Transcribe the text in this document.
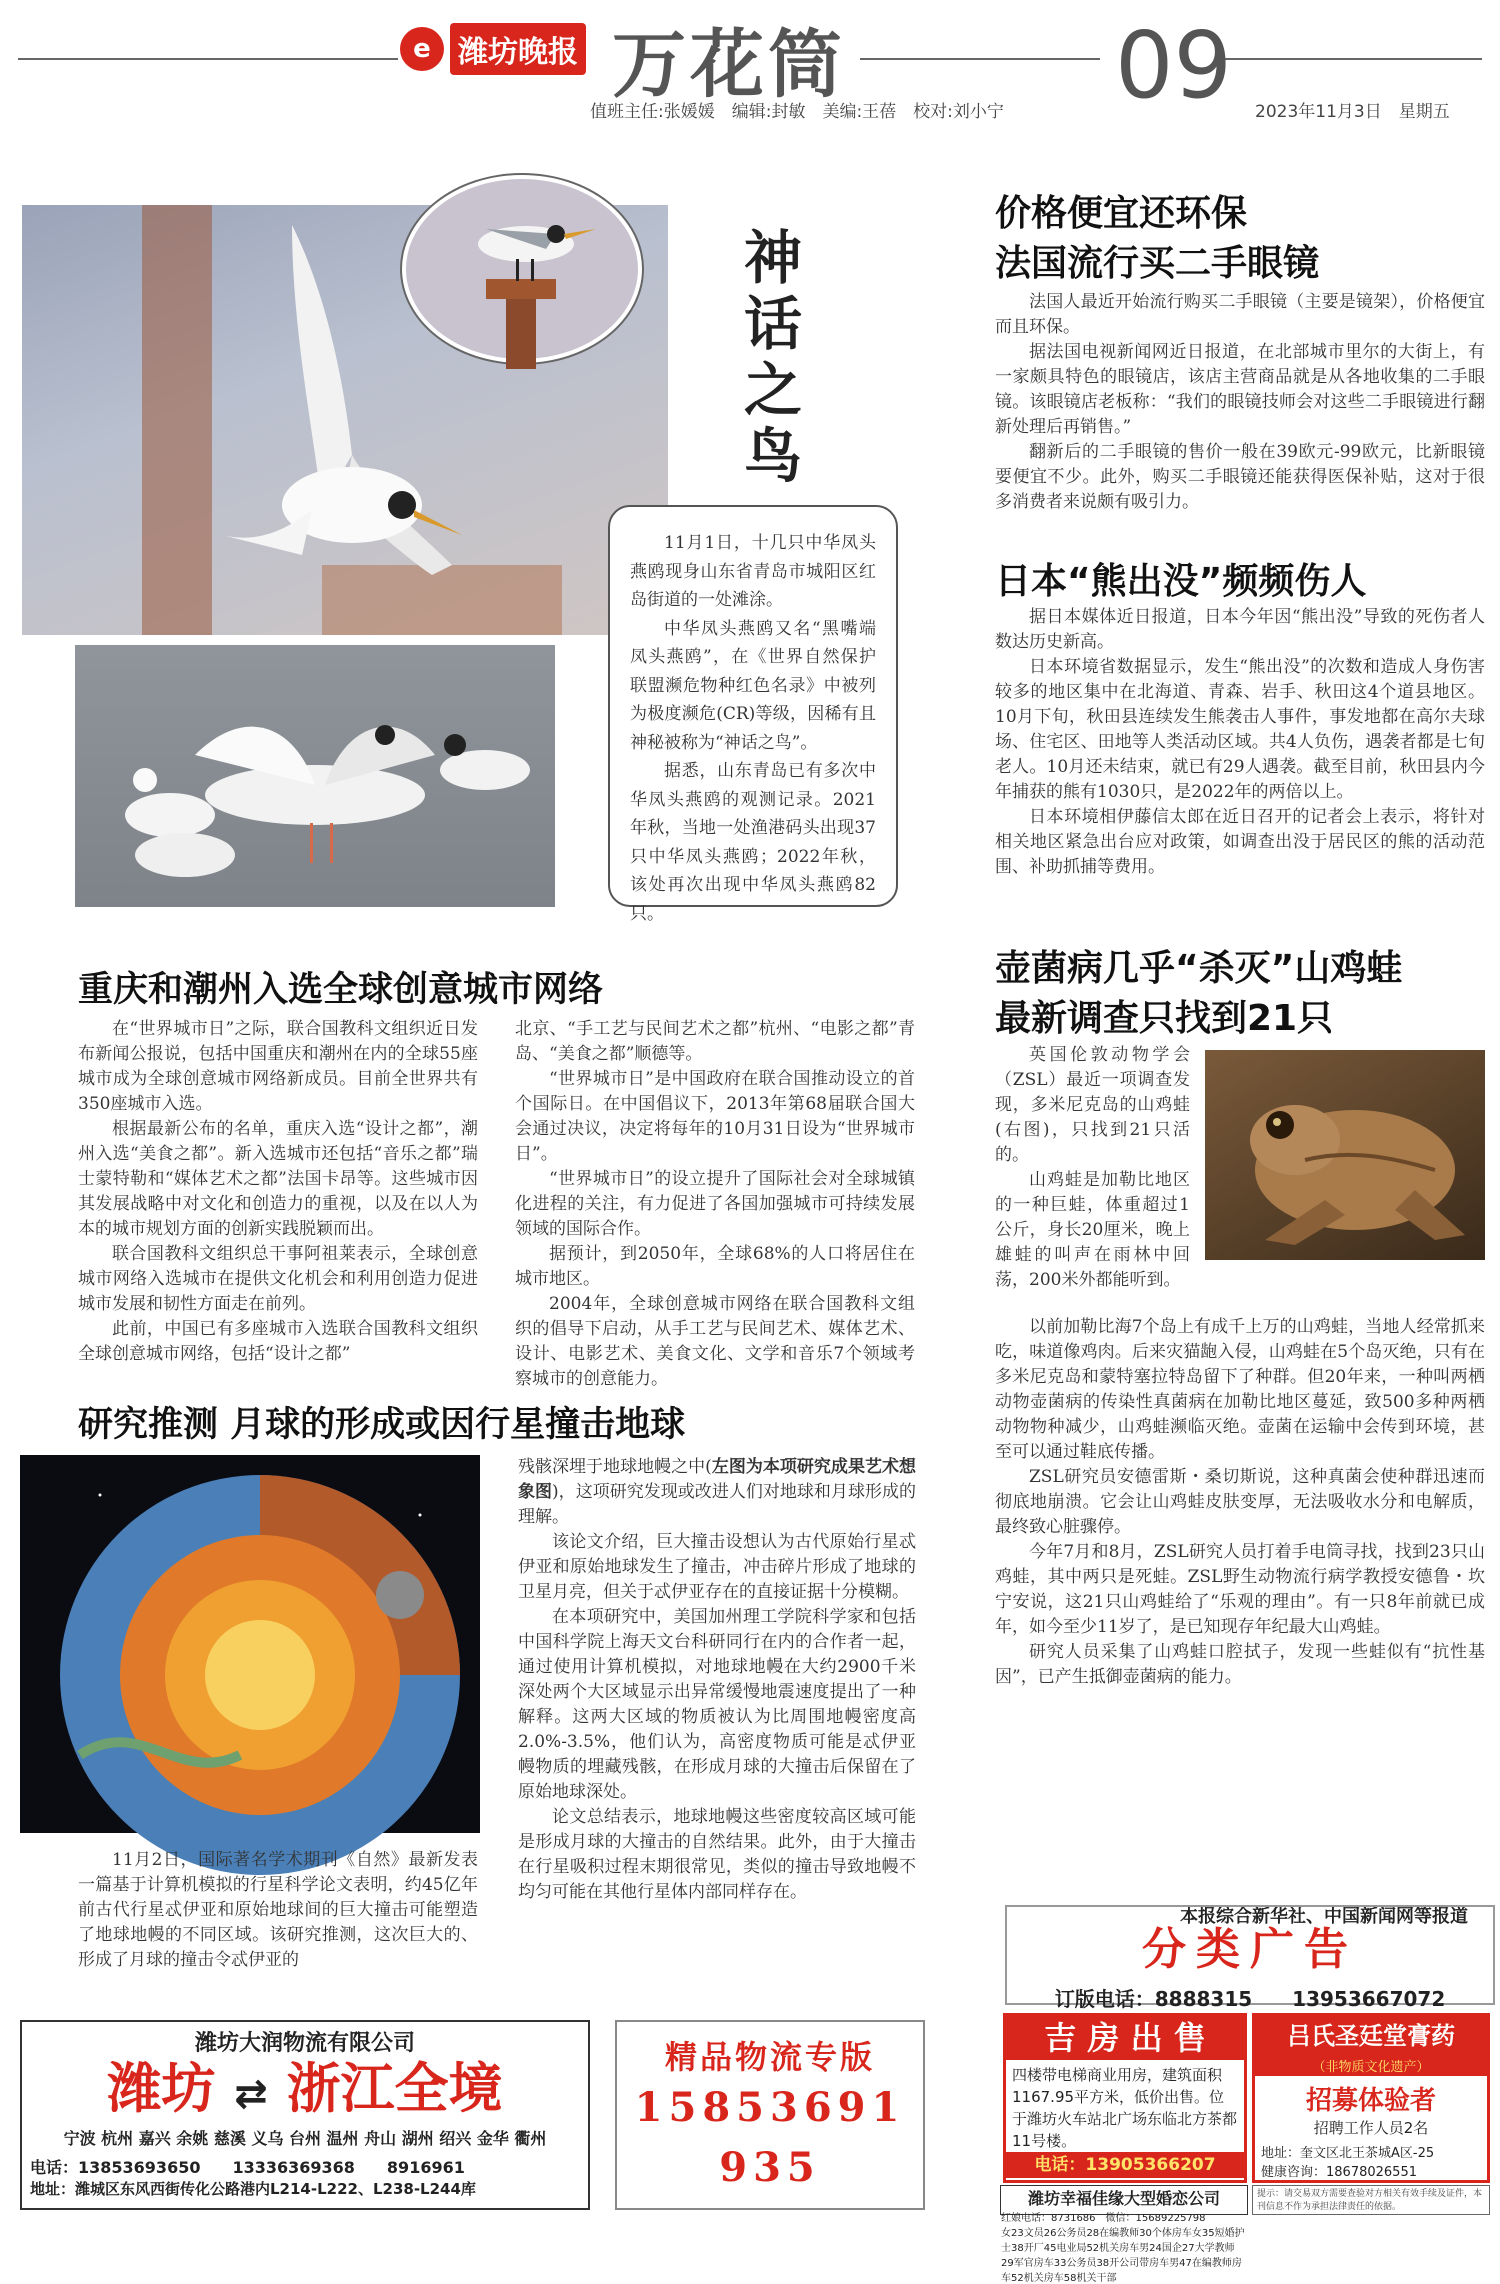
e 潍坊晚报 万花筒	09
值班主任:张媛媛　编辑:封敏　美编:王蓓　校对:刘小宁	2023年11月3日　星期五
神话之鸟

11月1日，十几只中华凤头燕鸥现身山东省青岛市城阳区红岛街道的一处滩涂。

中华凤头燕鸥又名“黑嘴端凤头燕鸥”，在《世界自然保护联盟濒危物种红色名录》中被列为极度濒危(CR)等级，因稀有且神秘被称为“神话之鸟”。

据悉，山东青岛已有多次中华凤头燕鸥的观测记录。2021年秋，当地一处渔港码头出现37只中华凤头燕鸥；2022年秋，该处再次出现中华凤头燕鸥82只。

价格便宜还环保
法国流行买二手眼镜

法国人最近开始流行购买二手眼镜（主要是镜架），价格便宜而且环保。

据法国电视新闻网近日报道，在北部城市里尔的大街上，有一家颇具特色的眼镜店，该店主营商品就是从各地收集的二手眼镜。该眼镜店老板称：“我们的眼镜技师会对这些二手眼镜进行翻新处理后再销售。”

翻新后的二手眼镜的售价一般在39欧元-99欧元，比新眼镜要便宜不少。此外，购买二手眼镜还能获得医保补贴，这对于很多消费者来说颇有吸引力。

日本“熊出没”频频伤人

据日本媒体近日报道，日本今年因“熊出没”导致的死伤者人数达历史新高。

日本环境省数据显示，发生“熊出没”的次数和造成人身伤害较多的地区集中在北海道、青森、岩手、秋田这4个道县地区。10月下旬，秋田县连续发生熊袭击人事件，事发地都在高尔夫球场、住宅区、田地等人类活动区域。共4人负伤，遇袭者都是七旬老人。10月还未结束，就已有29人遇袭。截至目前，秋田县内今年捕获的熊有1030只，是2022年的两倍以上。

日本环境相伊藤信太郎在近日召开的记者会上表示，将针对相关地区紧急出台应对政策，如调查出没于居民区的熊的活动范围、补助抓捕等费用。

壶菌病几乎“杀灭”山鸡蛙
最新调查只找到21只

英国伦敦动物学会（ZSL）最近一项调查发现，多米尼克岛的山鸡蛙(右图)，只找到21只活的。

山鸡蛙是加勒比地区的一种巨蛙，体重超过1公斤，身长20厘米，晚上雄蛙的叫声在雨林中回荡，200米外都能听到。

以前加勒比海7个岛上有成千上万的山鸡蛙，当地人经常抓来吃，味道像鸡肉。后来灾猫龅入侵，山鸡蛙在5个岛灭绝，只有在多米尼克岛和蒙特塞拉特岛留下了种群。但20年来，一种叫两栖动物壶菌病的传染性真菌病在加勒比地区蔓延，致500多种两栖动物物种减少，山鸡蛙濒临灭绝。壶菌在运输中会传到环境，甚至可以通过鞋底传播。

ZSL研究员安德雷斯・桑切斯说，这种真菌会使种群迅速而彻底地崩溃。它会让山鸡蛙皮肤变厚，无法吸收水分和电解质，最终致心脏骤停。

今年7月和8月，ZSL研究人员打着手电筒寻找，找到23只山鸡蛙，其中两只是死蛙。ZSL野生动物流行病学教授安德鲁・坎宁安说，这21只山鸡蛙给了“乐观的理由”。有一只8年前就已成年，如今至少11岁了，是已知现存年纪最大山鸡蛙。

研究人员采集了山鸡蛙口腔拭子，发现一些蛙似有“抗性基因”，已产生抵御壶菌病的能力。

本报综合新华社、中国新闻网等报道
重庆和潮州入选全球创意城市网络

在“世界城市日”之际，联合国教科文组织近日发布新闻公报说，包括中国重庆和潮州在内的全球55座城市成为全球创意城市网络新成员。目前全世界共有350座城市入选。

根据最新公布的名单，重庆入选“设计之都”，潮州入选“美食之都”。新入选城市还包括“音乐之都”瑞士蒙特勒和“媒体艺术之都”法国卡昂等。这些城市因其发展战略中对文化和创造力的重视，以及在以人为本的城市规划方面的创新实践脱颖而出。

联合国教科文组织总干事阿祖莱表示，全球创意城市网络入选城市在提供文化机会和利用创造力促进城市发展和韧性方面走在前列。

此前，中国已有多座城市入选联合国教科文组织全球创意城市网络，包括“设计之都”

北京、“手工艺与民间艺术之都”杭州、“电影之都”青岛、“美食之都”顺德等。

“世界城市日”是中国政府在联合国推动设立的首个国际日。在中国倡议下，2013年第68届联合国大会通过决议，决定将每年的10月31日设为“世界城市日”。

“世界城市日”的设立提升了国际社会对全球城镇化进程的关注，有力促进了各国加强城市可持续发展领域的国际合作。

据预计，到2050年，全球68%的人口将居住在城市地区。

2004年，全球创意城市网络在联合国教科文组织的倡导下启动，从手工艺与民间艺术、媒体艺术、设计、电影艺术、美食文化、文学和音乐7个领域考察城市的创意能力。

研究推测 月球的形成或因行星撞击地球
残骸深埋于地球地幔之中(左图为本项研究成果艺术想象图)，这项研究发现或改进人们对地球和月球形成的理解。

该论文介绍，巨大撞击设想认为古代原始行星忒伊亚和原始地球发生了撞击，冲击碎片形成了地球的卫星月亮，但关于忒伊亚存在的直接证据十分模糊。

在本项研究中，美国加州理工学院科学家和包括中国科学院上海天文台科研同行在内的合作者一起，通过使用计算机模拟，对地球地幔在大约2900千米深处两个大区域显示出异常缓慢地震速度提出了一种解释。这两大区域的物质被认为比周围地幔密度高2.0%-3.5%，他们认为，高密度物质可能是忒伊亚幔物质的埋藏残骸，在形成月球的大撞击后保留在了原始地球深处。

论文总结表示，地球地幔这些密度较高区域可能是形成月球的大撞击的自然结果。此外，由于大撞击在行星吸积过程末期很常见，类似的撞击导致地幔不均匀可能在其他行星体内部同样存在。

11月2日，国际著名学术期刊《自然》最新发表一篇基于计算机模拟的行星科学论文表明，约45亿年前古代行星忒伊亚和原始地球间的巨大撞击可能塑造了地球地幔的不同区域。该研究推测，这次巨大的、形成了月球的撞击令忒伊亚的	分类广告
订版电话：8888315　　13953667072
吉 房 出 售
四楼带电梯商业用房，建筑面积1167.95平方米，低价出售。位于潍坊火车站北广场东临北方茶都11号楼。
电话：13905366207
吕氏圣廷堂膏药
（非物质文化遗产）
招募体验者
招聘工作人员2名
地址：奎文区北王茶城A区-25
健康咨询：18678026551
潍坊大润物流有限公司
潍坊 ⇄ 浙江全境
宁波 杭州 嘉兴 余姚 慈溪 义乌 台州 温州 舟山 湖州 绍兴 金华 衢州
电话：13853693650　　13336369368　　8916961
地址：潍城区东风西街传化公路港内L214-L222、L238-L244库
精品物流专版
15853691935
潍坊幸福佳缘大型婚恋公司
红娘电话：8731686　微信：15689225798
女23文员26公务员28在编教师30个体房车女35短婚护士38开厂45电业局52机关房车男24国企27大学教师29军官房车33公务员38开公司带房车男47在编教师房车52机关房车58机关干部
提示：请交易双方需要查验对方相关有效手续及证件，本刊信息不作为承担法律责任的依据。
